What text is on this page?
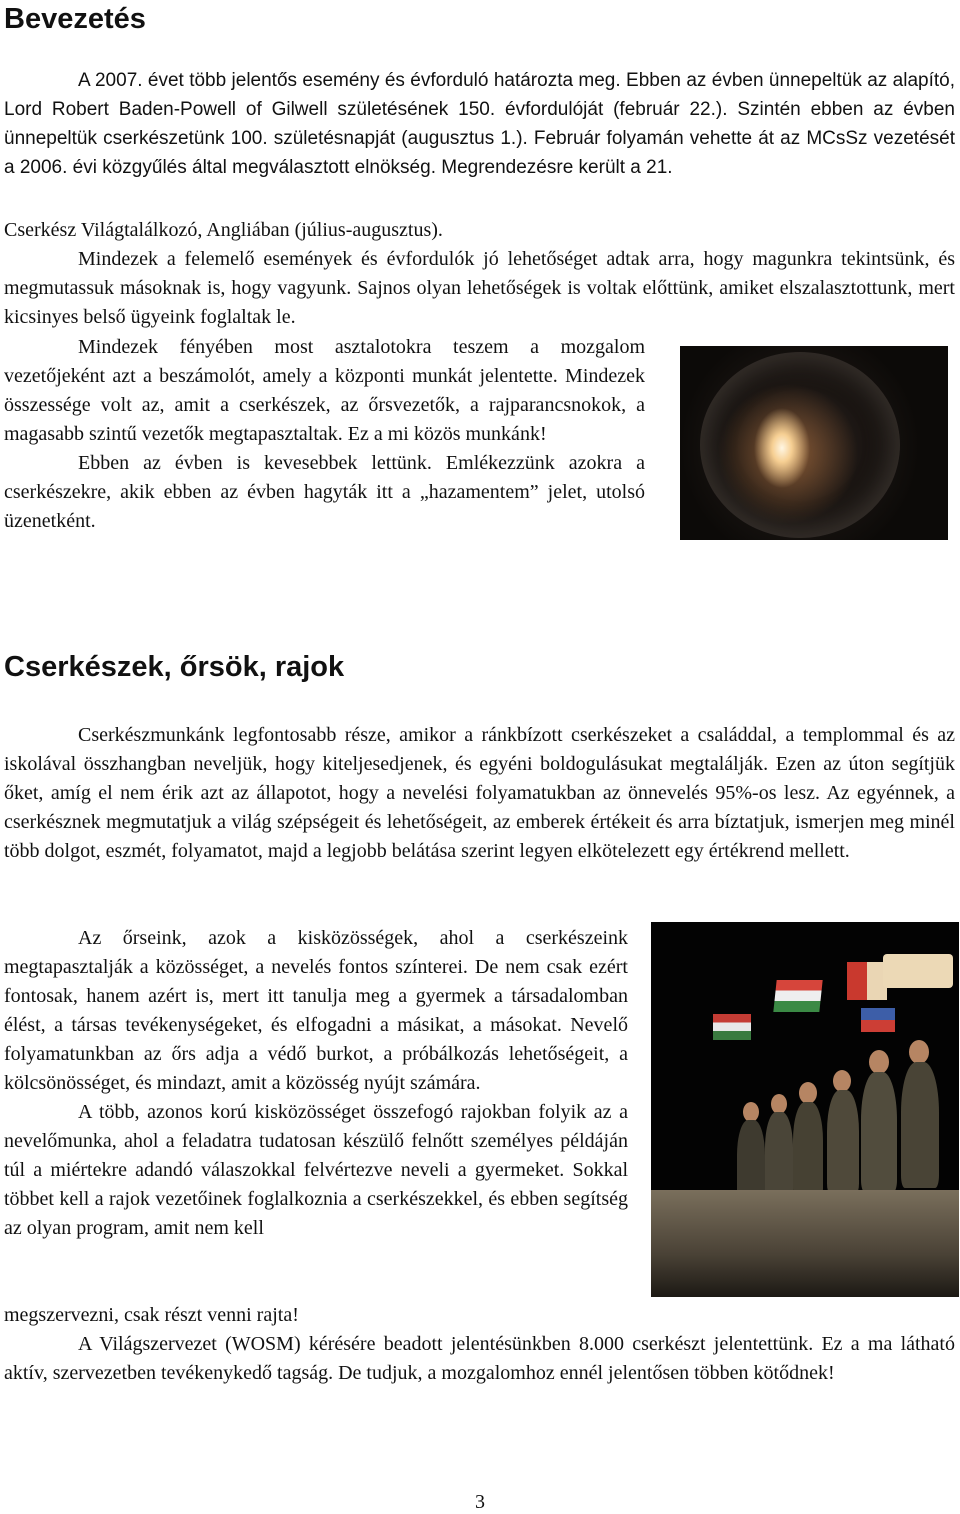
Bevezetés

A 2007. évet több jelentős esemény és évforduló határozta meg. Ebben az évben ünnepeltük az alapító, Lord Robert Baden-Powell of Gilwell születésének 150. évfordulóját (február 22.). Szintén ebben az évben ünnepeltük cserkészetünk 100. születésnapját (augusztus 1.). Február folyamán vehette át az MCsSz vezetését a 2006. évi közgyűlés által megválasztott elnökség. Megrendezésre került a 21.

Cserkész Világtalálkozó, Angliában (július-augusztus).

Mindezek a felemelő események és évfordulók jó lehetőséget adtak arra, hogy magunkra tekintsünk, és megmutassuk másoknak is, hogy vagyunk. Sajnos olyan lehetőségek is voltak előttünk, amiket elszalasztottunk, mert kicsinyes belső ügyeink foglaltak le.

Mindezek fényében most asztalotokra teszem a mozgalom vezetőjeként azt a beszámolót, amely a központi munkát jelentette. Mindezek összessége volt az, amit a cserkészek, az őrsvezetők, a rajparancsnokok, a magasabb szintű vezetők megtapasztaltak. Ez a mi közös munkánk!

Ebben az évben is kevesebbek lettünk. Emlékezzünk azokra a cserkészekre, akik ebben az évben hagyták itt a „hazamentem” jelet, utolsó üzenetként.

Cserkészek, őrsök, rajok

Cserkészmunkánk legfontosabb része, amikor a ránkbízott cserkészeket a családdal, a templommal és az iskolával összhangban neveljük, hogy kiteljesedjenek, és egyéni boldogulásukat megtalálják. Ezen az úton segítjük őket, amíg el nem érik azt az állapotot, hogy a nevelési folyamatukban az önnevelés 95%-os lesz. Az egyénnek, a cserkésznek megmutatjuk a világ szépségeit és lehetőségeit, az emberek értékeit és arra bíztatjuk, ismerjen meg minél több dolgot, eszmét, folyamatot, majd a legjobb belátása szerint legyen elkötelezett egy értékrend mellett.

Az őrseink, azok a kisközösségek, ahol a cserkészeink megtapasztalják a közösséget, a nevelés fontos színterei. De nem csak ezért fontosak, hanem azért is, mert itt tanulja meg a gyermek a társadalomban élést, a társas tevékenységeket, és elfogadni a másikat, a másokat. Nevelő folyamatunkban az őrs adja a védő burkot, a próbálkozás lehetőségeit, a kölcsönösséget, és mindazt, amit a közösség nyújt számára.

A több, azonos korú kisközösséget összefogó rajokban folyik az a nevelőmunka, ahol a feladatra tudatosan készülő felnőtt személyes példáján túl a miértekre adandó válaszokkal felvértezve neveli a gyermeket. Sokkal többet kell a rajok vezetőinek foglalkoznia a cserkészekkel, és ebben segítség az olyan program, amit nem kell

megszervezni, csak részt venni rajta!

A Világszervezet (WOSM) kérésére beadott jelentésünkben 8.000 cserkészt jelentettünk. Ez a ma látható aktív, szervezetben tevékenykedő tagság. De tudjuk, a mozgalomhoz ennél jelentősen többen kötődnek!

3
